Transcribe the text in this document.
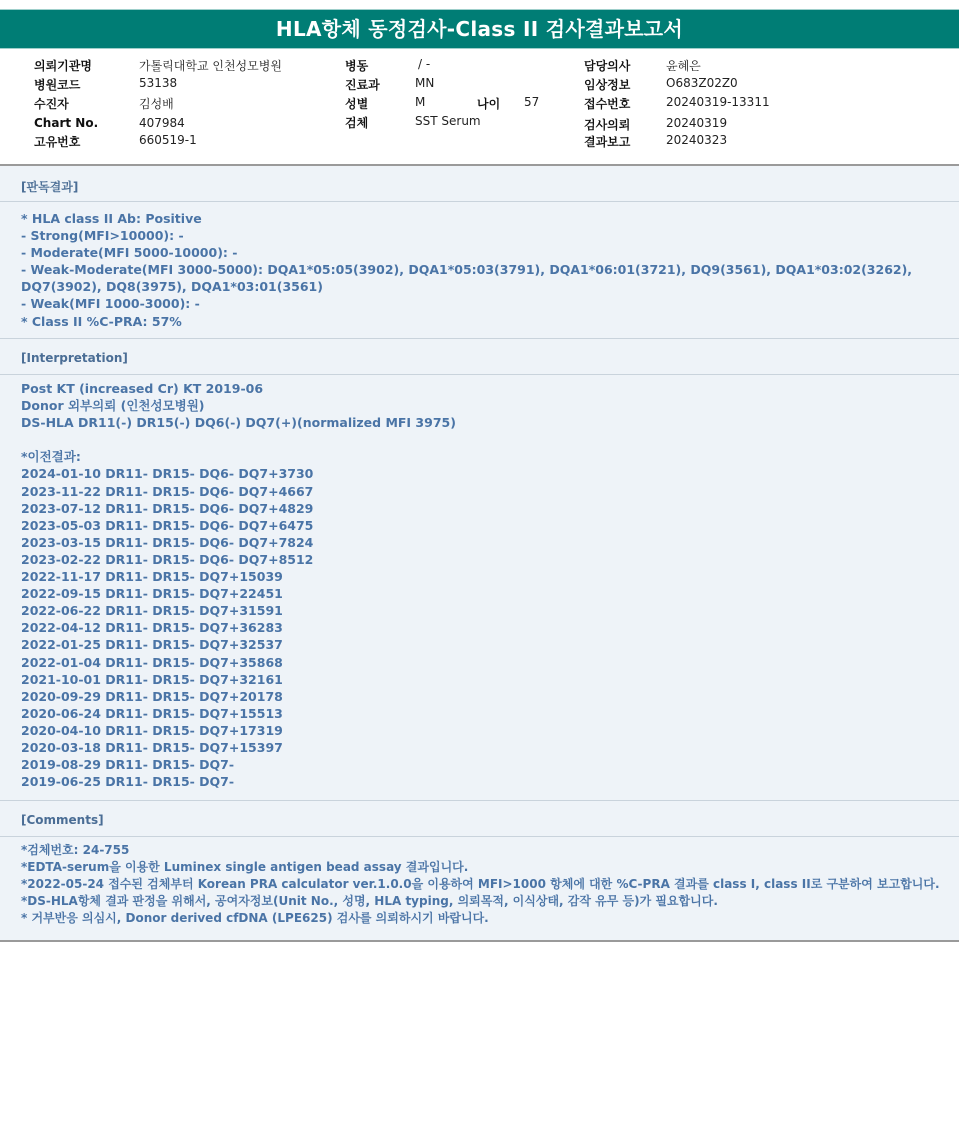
HLA항체 동정검사-Class II 검사결과보고서
의뢰기관명	가톨릭대학교 인천성모병원
병원코드	53138
수진자	김성배
Chart No.	407984
고유번호	660519-1
병동	/ -
진료과	MN
성별	M	나이 57
검체	SST Serum
담당의사	윤혜은
임상정보	O683Z02Z0
접수번호	20240319-13311
검사의뢰	20240319
결과보고	20240323
[판독결과]
* HLA class II Ab: Positive
- Strong(MFI>10000): -
- Moderate(MFI 5000-10000): -
- Weak-Moderate(MFI 3000-5000): DQA1*05:05(3902), DQA1*05:03(3791), DQA1*06:01(3721), DQ9(3561), DQA1*03:02(3262), DQ7(3902), DQ8(3975), DQA1*03:01(3561)
- Weak(MFI 1000-3000): -
* Class II %C-PRA: 57%
[Interpretation]
Post KT (increased Cr) KT 2019-06
Donor 외부의뢰 (인천성모병원)
DS-HLA DR11(-) DR15(-) DQ6(-) DQ7(+)(normalized MFI 3975)
*이전결과:
2024-01-10 DR11- DR15- DQ6- DQ7+3730
2023-11-22 DR11- DR15- DQ6- DQ7+4667
2023-07-12 DR11- DR15- DQ6- DQ7+4829
2023-05-03 DR11- DR15- DQ6- DQ7+6475
2023-03-15 DR11- DR15- DQ6- DQ7+7824
2023-02-22 DR11- DR15- DQ6- DQ7+8512
2022-11-17 DR11- DR15- DQ7+15039
2022-09-15 DR11- DR15- DQ7+22451
2022-06-22 DR11- DR15- DQ7+31591
2022-04-12 DR11- DR15- DQ7+36283
2022-01-25 DR11- DR15- DQ7+32537
2022-01-04 DR11- DR15- DQ7+35868
2021-10-01 DR11- DR15- DQ7+32161
2020-09-29 DR11- DR15- DQ7+20178
2020-06-24 DR11- DR15- DQ7+15513
2020-04-10 DR11- DR15- DQ7+17319
2020-03-18 DR11- DR15- DQ7+15397
2019-08-29 DR11- DR15- DQ7-
2019-06-25 DR11- DR15- DQ7-
[Comments]
*검체번호: 24-755
*EDTA-serum을 이용한 Luminex single antigen bead assay 결과입니다.
*2022-05-24 접수된 검체부터 Korean PRA calculator ver.1.0.0을 이용하여 MFI>1000 항체에 대한 %C-PRA 결과를 class I, class II로 구분하여 보고합니다.
*DS-HLA항체 결과 판정을 위해서, 공여자정보(Unit No., 성명, HLA typing, 의뢰목적, 이식상태, 감작 유무 등)가 필요합니다.
* 거부반응 의심시, Donor derived cfDNA (LPE625) 검사를 의뢰하시기 바랍니다.
